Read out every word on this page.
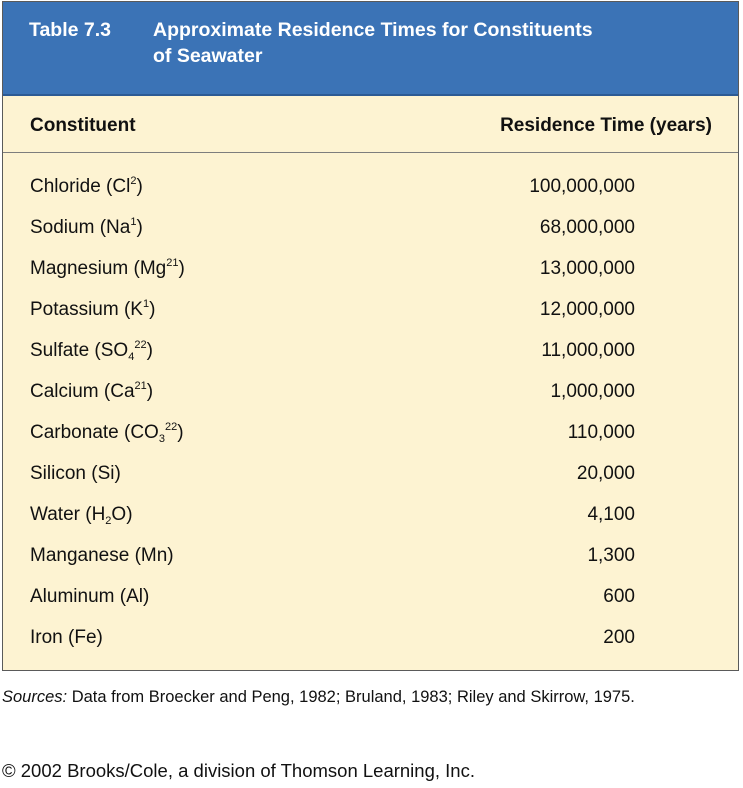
Table 7.3 Approximate Residence Times for Constituents
of Seawater
Constituent	Residence Time (years)
Chloride (Cl$^2$)	100,000,000
Sodium (Na$^1$)	68,000,000
Magnesium (Mg$^{21}$)	13,000,000
Potassium $(K^1)$	12,000,000
Sulfate $(SO_4^{22})$	11,000,000
Calcium (Ca$^{21}$)	1,000,000
Carbonate $(CO_3^{22})$	110,000
Silicon (Si)	20,000
Water $(H_2O)$	4,100
Manganese (Mn)	1,300
Aluminum (Al)	600
Iron (Fe)	200
Sources: Data from Broecker and Peng, 1982; Bruland, 1983; Riley and Skirrow, 1975.
© 2002 Brooks/Cole, a division of Thomson Learning, Inc.
